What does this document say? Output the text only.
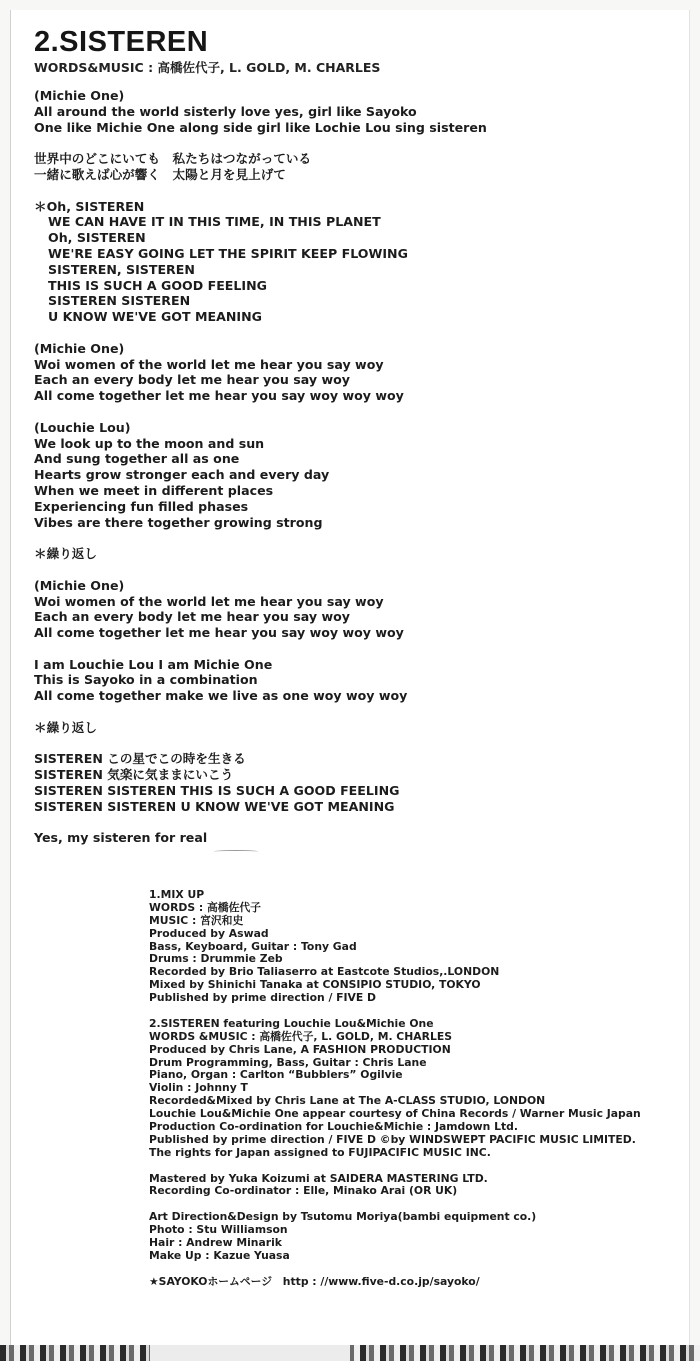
2.SISTEREN
WORDS&MUSIC : 高橋佐代子, L. GOLD, M. CHARLES
(Michie One)
All around the world sisterly love yes, girl like Sayoko
One like Michie One along side girl like Lochie Lou sing sisteren
世界中のどこにいても　私たちはつながっている
一緒に歌えば心が響く　太陽と月を見上げて
＊Oh, SISTEREN
WE CAN HAVE IT IN THIS TIME, IN THIS PLANET
Oh, SISTEREN
WE'RE EASY GOING LET THE SPIRIT KEEP FLOWING
SISTEREN, SISTEREN
THIS IS SUCH A GOOD FEELING
SISTEREN SISTEREN
U KNOW WE'VE GOT MEANING
(Michie One)
Woi women of the world let me hear you say woy
Each an every body let me hear you say woy
All come together let me hear you say woy woy woy
(Louchie Lou)
We look up to the moon and sun
And sung together all as one
Hearts grow stronger each and every day
When we meet in different places
Experiencing fun filled phases
Vibes are there together growing strong
＊繰り返し
(Michie One)
Woi women of the world let me hear you say woy
Each an every body let me hear you say woy
All come together let me hear you say woy woy woy
I am Louchie Lou I am Michie One
This is Sayoko in a combination
All come together make we live as one woy woy woy
＊繰り返し
SISTEREN この星でこの時を生きる
SISTEREN 気楽に気ままにいこう
SISTEREN SISTEREN THIS IS SUCH A GOOD FEELING
SISTEREN SISTEREN U KNOW WE'VE GOT MEANING
Yes, my sisteren for real
1.MIX UP
WORDS : 高橋佐代子
MUSIC : 宮沢和史
Produced by Aswad
Bass, Keyboard, Guitar : Tony Gad
Drums : Drummie Zeb
Recorded by Brio Taliaserro at Eastcote Studios,.LONDON
Mixed by Shinichi Tanaka at CONSIPIO STUDIO, TOKYO
Published by prime direction / FIVE D
2.SISTEREN featuring Louchie Lou&Michie One
WORDS &MUSIC : 高橋佐代子, L. GOLD, M. CHARLES
Produced by Chris Lane, A FASHION PRODUCTION
Drum Programming, Bass, Guitar : Chris Lane
Piano, Organ : Carlton “Bubblers” Ogilvie
Violin : Johnny T
Recorded&Mixed by Chris Lane at The A-CLASS STUDIO, LONDON
Louchie Lou&Michie One appear courtesy of China Records / Warner Music Japan
Production Co-ordination for Louchie&Michie : Jamdown Ltd.
Published by prime direction / FIVE D ©by WINDSWEPT PACIFIC MUSIC LIMITED.
The rights for Japan assigned to FUJIPACIFIC MUSIC INC.
Mastered by Yuka Koizumi at SAIDERA MASTERING LTD.
Recording Co-ordinator : Elle, Minako Arai (OR UK)
Art Direction&Design by Tsutomu Moriya(bambi equipment co.)
Photo : Stu Williamson
Hair : Andrew Minarik
Make Up : Kazue Yuasa
★SAYOKOホームページ　http : //www.five-d.co.jp/sayoko/
